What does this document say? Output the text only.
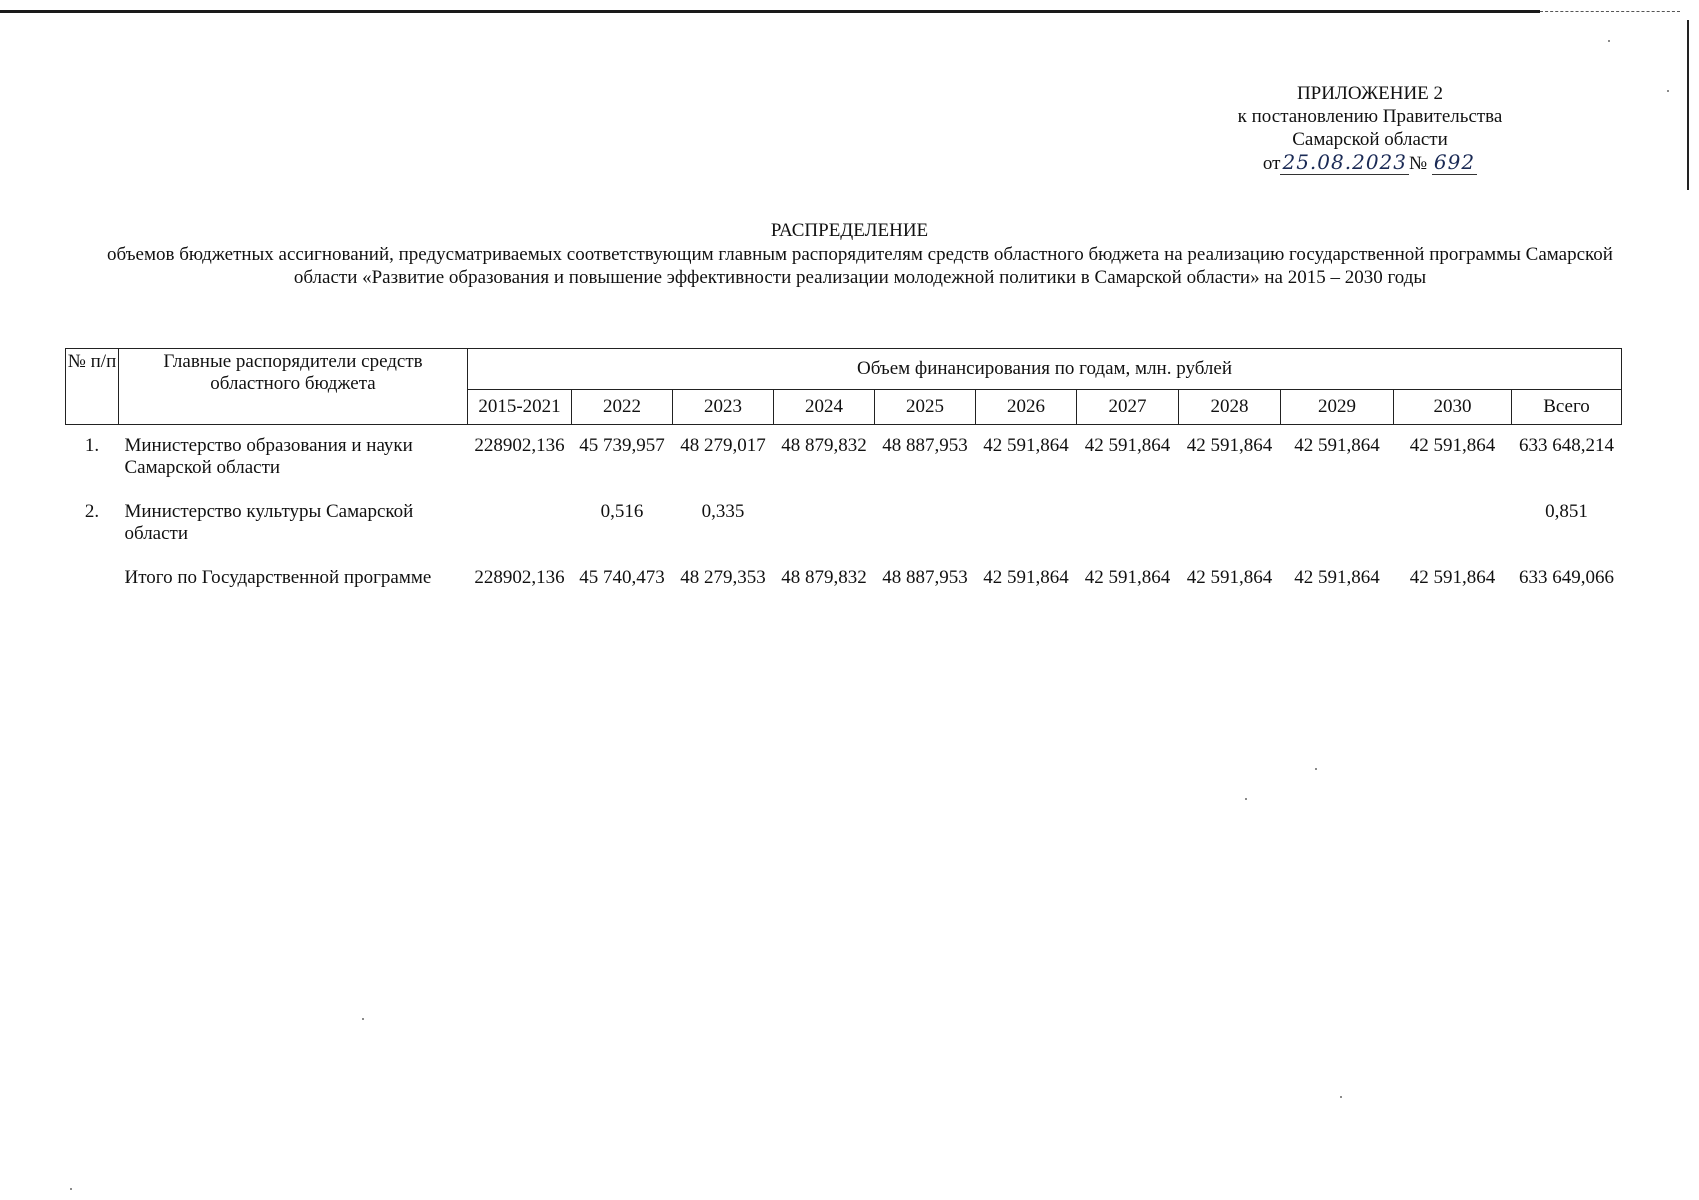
ПРИЛОЖЕНИЕ 2
к постановлению Правительства
Самарской области
от 25.08.2023 № 692
РАСПРЕДЕЛЕНИЕ
объемов бюджетных ассигнований, предусматриваемых соответствующим главным распорядителям средств областного бюджета на реализацию государственной программы Самарской области «Развитие образования и повышение эффективности реализации молодежной политики в Самарской области» на 2015 – 2030 годы
№ п/п	Главные распорядители средств областного бюджета	Объем финансирования по годам, млн. рублей										
		2015-2021	2022	2023	2024	2025	2026	2027	2028	2029	2030	Всего
1.	Министерство образования и науки Самарской области	228902,136	45 739,957	48 279,017	48 879,832	48 887,953	42 591,864	42 591,864	42 591,864	42 591,864	42 591,864	633 648,214
2.	Министерство культуры Самарской области		0,516	0,335								0,851
	Итого по Государственной программе	228902,136	45 740,473	48 279,353	48 879,832	48 887,953	42 591,864	42 591,864	42 591,864	42 591,864	42 591,864	633 649,066
